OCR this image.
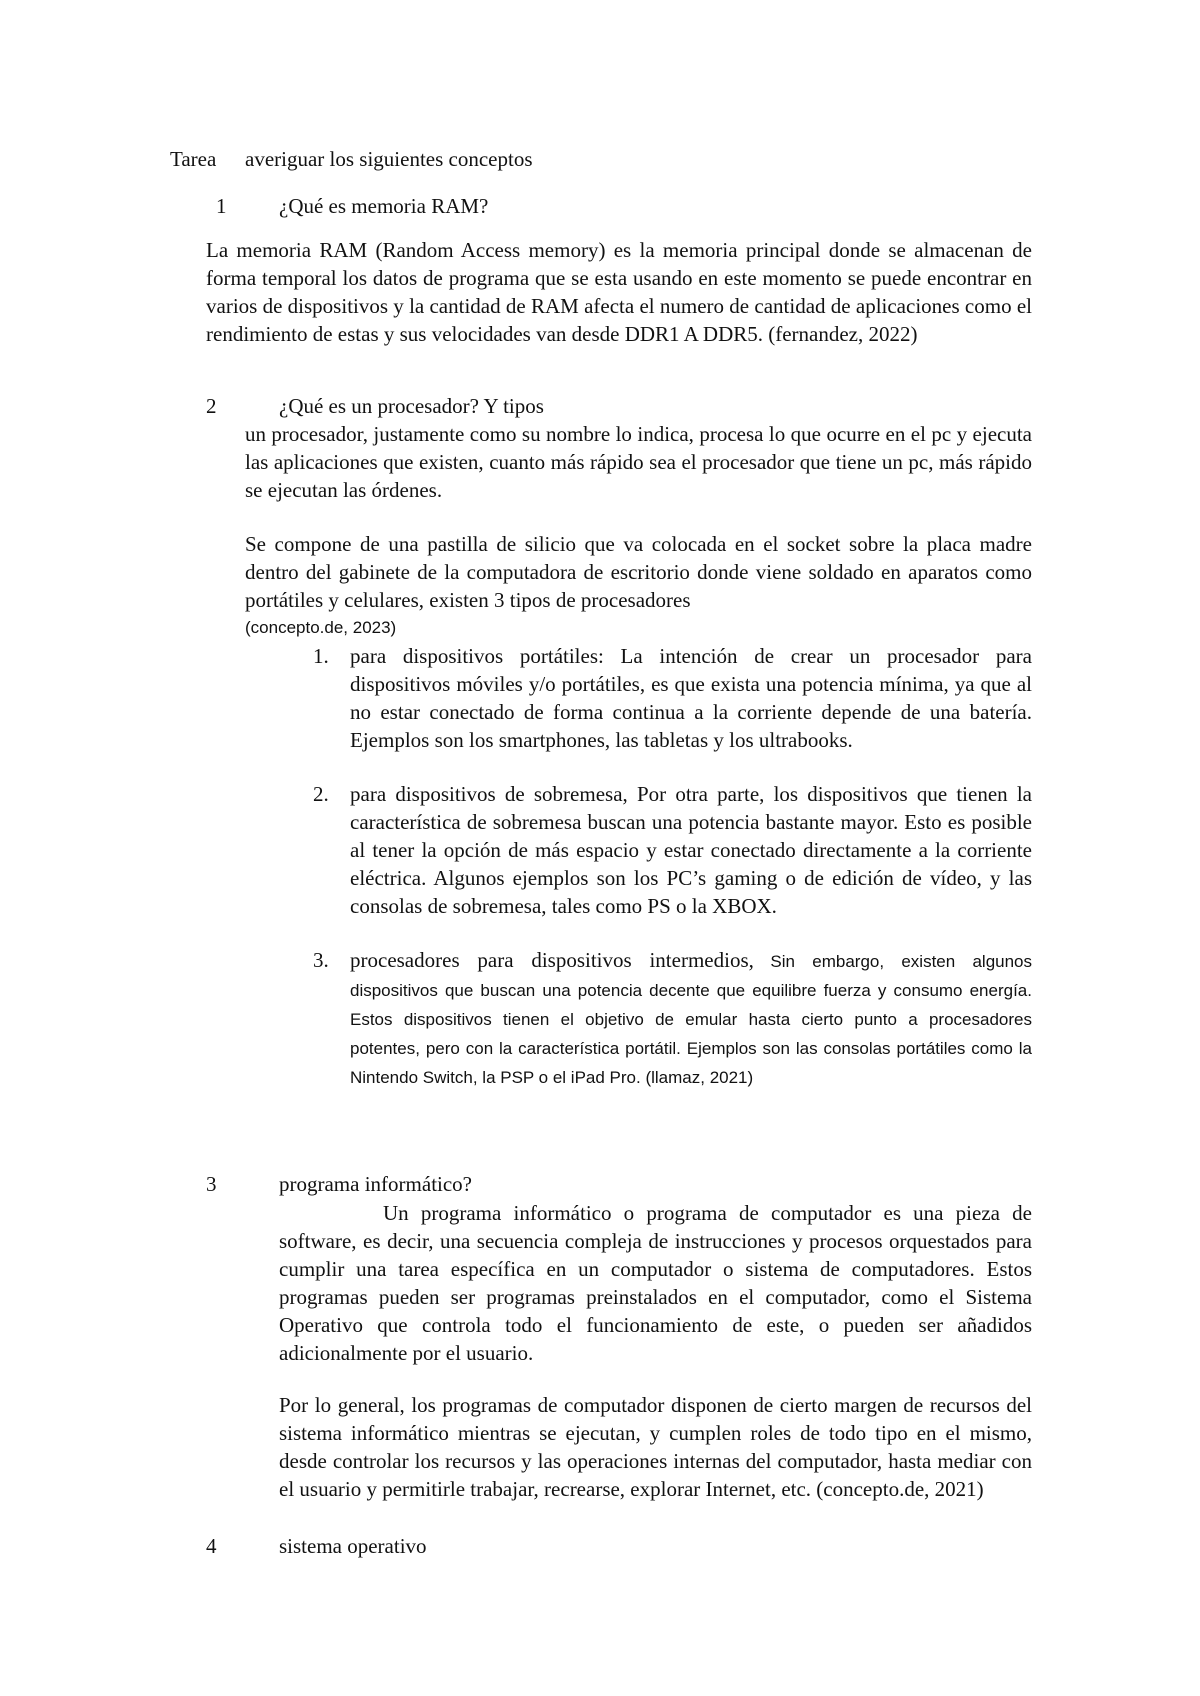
Tarea averiguar los siguientes conceptos
1	¿Qué es memoria RAM?
La memoria RAM (Random Access memory) es la memoria principal donde se almacenan de forma temporal los datos de programa que se esta usando en este momento se puede encontrar en varios de dispositivos y la cantidad de RAM afecta el numero de cantidad de aplicaciones como el rendimiento de estas y sus velocidades van desde DDR1 A DDR5. (fernandez, 2022)
2	¿Qué es un procesador? Y tipos
un procesador, justamente como su nombre lo indica, procesa lo que ocurre en el pc y ejecuta las aplicaciones que existen, cuanto más rápido sea el procesador que tiene un pc, más rápido se ejecutan las órdenes.
Se compone de una pastilla de silicio que va colocada en el socket sobre la placa madre dentro del gabinete de la computadora de escritorio donde viene soldado en aparatos como portátiles y celulares, existen 3 tipos de procesadores
(concepto.de, 2023)
1. para dispositivos portátiles: La intención de crear un procesador para dispositivos móviles y/o portátiles, es que exista una potencia mínima, ya que al no estar conectado de forma continua a la corriente depende de una batería. Ejemplos son los smartphones, las tabletas y los ultrabooks.
2. para dispositivos de sobremesa, Por otra parte, los dispositivos que tienen la característica de sobremesa buscan una potencia bastante mayor. Esto es posible al tener la opción de más espacio y estar conectado directamente a la corriente eléctrica. Algunos ejemplos son los PC’s gaming o de edición de vídeo, y las consolas de sobremesa, tales como PS o la XBOX.
3. procesadores para dispositivos intermedios, Sin embargo, existen algunos dispositivos que buscan una potencia decente que equilibre fuerza y consumo energía. Estos dispositivos tienen el objetivo de emular hasta cierto punto a procesadores potentes, pero con la característica portátil. Ejemplos son las consolas portátiles como la Nintendo Switch, la PSP o el iPad Pro. (llamaz, 2021)
3	programa informático?
Un programa informático o programa de computador es una pieza de software, es decir, una secuencia compleja de instrucciones y procesos orquestados para cumplir una tarea específica en un computador o sistema de computadores. Estos programas pueden ser programas preinstalados en el computador, como el Sistema Operativo que controla todo el funcionamiento de este, o pueden ser añadidos adicionalmente por el usuario.
Por lo general, los programas de computador disponen de cierto margen de recursos del sistema informático mientras se ejecutan, y cumplen roles de todo tipo en el mismo, desde controlar los recursos y las operaciones internas del computador, hasta mediar con el usuario y permitirle trabajar, recrearse, explorar Internet, etc. (concepto.de, 2021)
4	sistema operativo
